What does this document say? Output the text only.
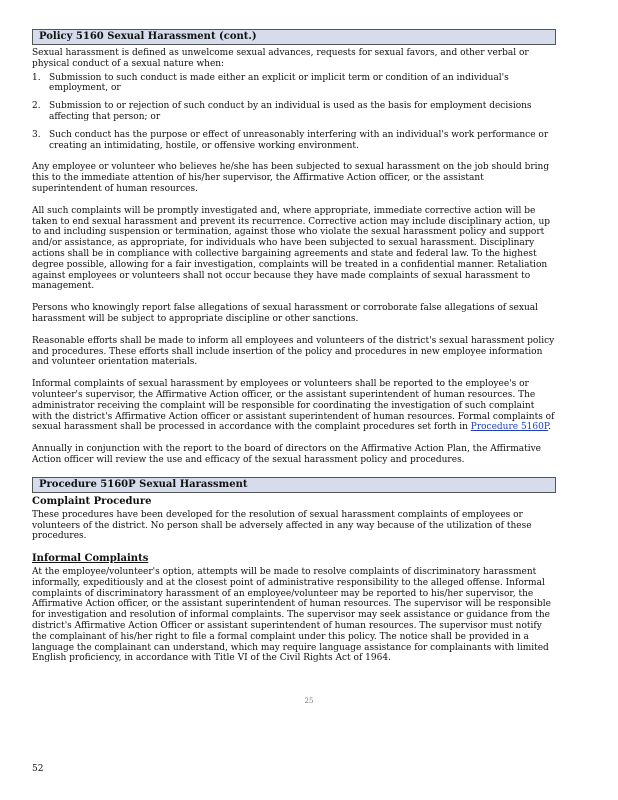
Policy 5160 Sexual Harassment (cont.)

Sexual harassment is defined as unwelcome sexual advances, requests for sexual favors, and other verbal or physical conduct of a sexual nature when:

1. Submission to such conduct is made either an explicit or implicit term or condition of an individual's employment, or
2. Submission to or rejection of such conduct by an individual is used as the basis for employment decisions affecting that person; or
3. Such conduct has the purpose or effect of unreasonably interfering with an individual's work performance or creating an intimidating, hostile, or offensive working environment.

Any employee or volunteer who believes he/she has been subjected to sexual harassment on the job should bring this to the immediate attention of his/her supervisor, the Affirmative Action officer, or the assistant superintendent of human resources.

All such complaints will be promptly investigated and, where appropriate, immediate corrective action will be taken to end sexual harassment and prevent its recurrence. Corrective action may include disciplinary action, up to and including suspension or termination, against those who violate the sexual harassment policy and support and/or assistance, as appropriate, for individuals who have been subjected to sexual harassment. Disciplinary actions shall be in compliance with collective bargaining agreements and state and federal law. To the highest degree possible, allowing for a fair investigation, complaints will be treated in a confidential manner. Retaliation against employees or volunteers shall not occur because they have made complaints of sexual harassment to management.

Persons who knowingly report false allegations of sexual harassment or corroborate false allegations of sexual harassment will be subject to appropriate discipline or other sanctions.

Reasonable efforts shall be made to inform all employees and volunteers of the district's sexual harassment policy and procedures. These efforts shall include insertion of the policy and procedures in new employee information and volunteer orientation materials.

Informal complaints of sexual harassment by employees or volunteers shall be reported to the employee's or volunteer's supervisor, the Affirmative Action officer, or the assistant superintendent of human resources. The administrator receiving the complaint will be responsible for coordinating the investigation of such complaint with the district's Affirmative Action officer or assistant superintendent of human resources. Formal complaints of sexual harassment shall be processed in accordance with the complaint procedures set forth in Procedure 5160P.

Annually in conjunction with the report to the board of directors on the Affirmative Action Plan, the Affirmative Action officer will review the use and efficacy of the sexual harassment policy and procedures.

Procedure 5160P Sexual Harassment
Complaint Procedure

These procedures have been developed for the resolution of sexual harassment complaints of employees or volunteers of the district. No person shall be adversely affected in any way because of the utilization of these procedures.

Informal Complaints

At the employee/volunteer's option, attempts will be made to resolve complaints of discriminatory harassment informally, expeditiously and at the closest point of administrative responsibility to the alleged offense. Informal complaints of discriminatory harassment of an employee/volunteer may be reported to his/her supervisor, the Affirmative Action officer, or the assistant superintendent of human resources. The supervisor will be responsible for investigation and resolution of informal complaints. The supervisor may seek assistance or guidance from the district's Affirmative Action Officer or assistant superintendent of human resources. The supervisor must notify the complainant of his/her right to file a formal complaint under this policy. The notice shall be provided in a language the complainant can understand, which may require language assistance for complainants with limited English proficiency, in accordance with Title VI of the Civil Rights Act of 1964.

25
52
